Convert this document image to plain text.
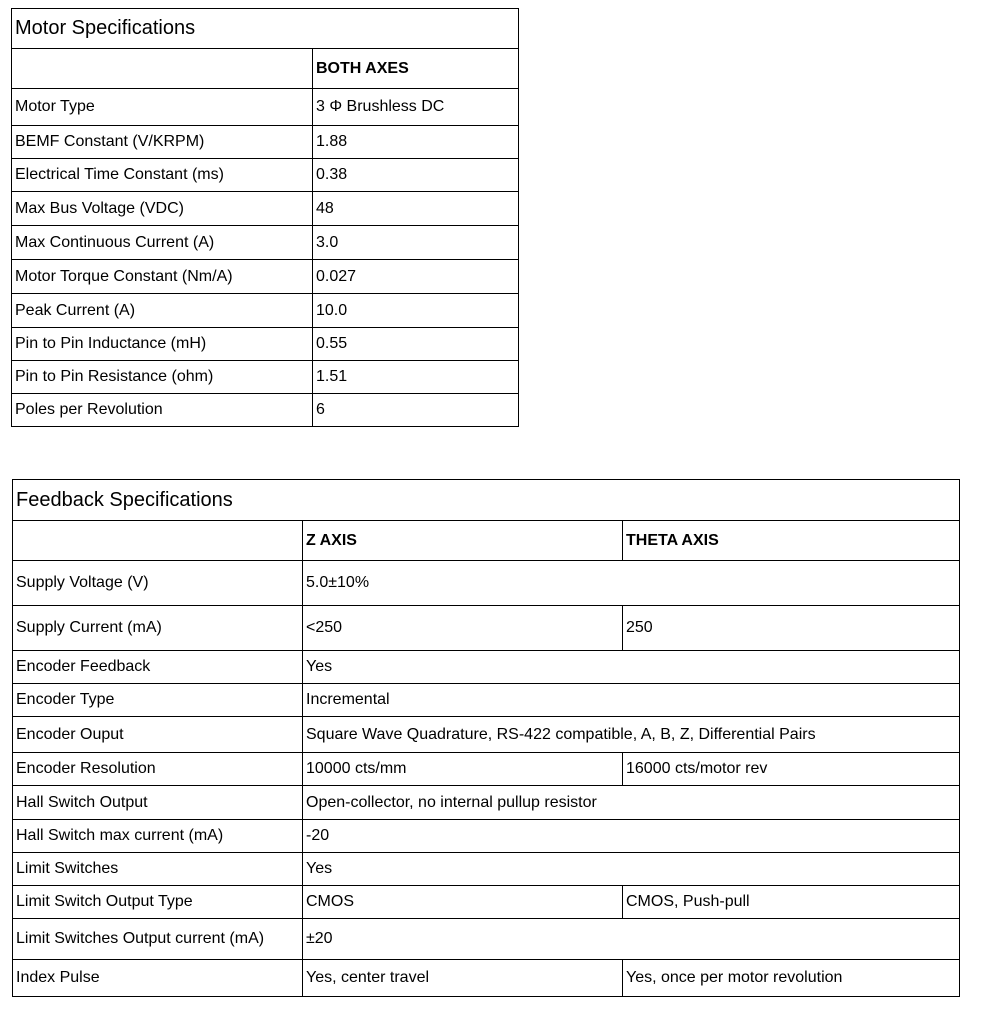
Motor Specifications	
	BOTH AXES
Motor Type	3 Φ Brushless DC
BEMF Constant (V/KRPM)	1.88
Electrical Time Constant (ms)	0.38
Max Bus Voltage (VDC)	48
Max Continuous Current (A)	3.0
Motor Torque Constant (Nm/A)	0.027
Peak Current (A)	10.0
Pin to Pin Inductance (mH)	0.55
Pin to Pin Resistance (ohm)	1.51
Poles per Revolution	6
Feedback Specifications		
	Z AXIS	THETA AXIS
Supply Voltage (V)	5.0±10%	
Supply Current (mA)	<250	250
Encoder Feedback	Yes	
Encoder Type	Incremental	
Encoder Ouput	Square Wave Quadrature, RS-422 compatible, A, B, Z, Differential Pairs	
Encoder Resolution	10000 cts/mm	16000 cts/motor rev
Hall Switch Output	Open-collector, no internal pullup resistor	
Hall Switch max current (mA)	-20	
Limit Switches	Yes	
Limit Switch Output Type	CMOS	CMOS, Push-pull
Limit Switches Output current (mA)	±20	
Index Pulse	Yes, center travel	Yes, once per motor revolution
